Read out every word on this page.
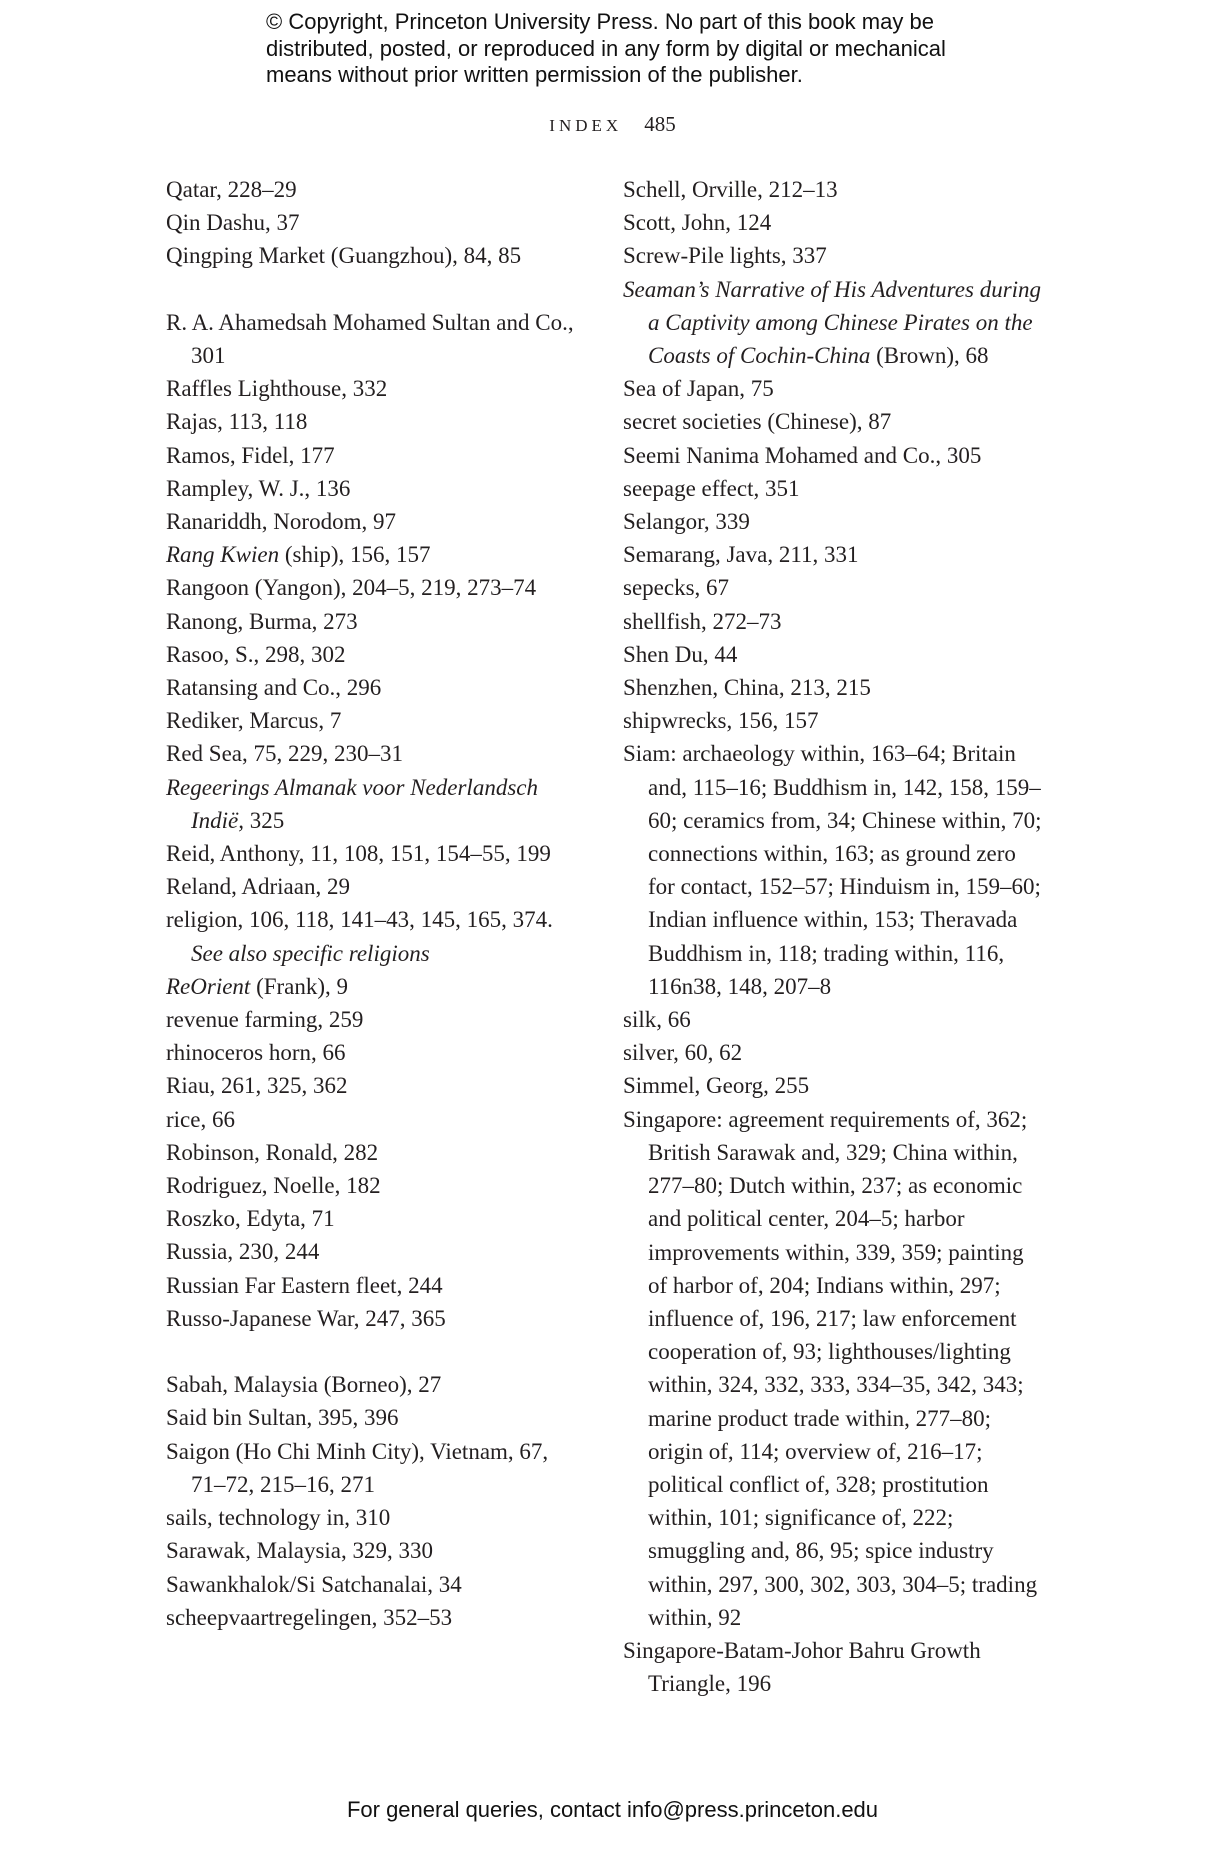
© Copyright, Princeton University Press. No part of this book may be
distributed, posted, or reproduced in any form by digital or mechanical
means without prior written permission of the publisher.
INDEX 485
Qatar, 228–29
Qin Dashu, 37
Qingping Market (Guangzhou), 84, 85
R. A. Ahamedsah Mohamed Sultan and Co., 301
Raffles Lighthouse, 332
Rajas, 113, 118
Ramos, Fidel, 177
Rampley, W. J., 136
Ranariddh, Norodom, 97
Rang Kwien (ship), 156, 157
Rangoon (Yangon), 204–5, 219, 273–74
Ranong, Burma, 273
Rasoo, S., 298, 302
Ratansing and Co., 296
Rediker, Marcus, 7
Red Sea, 75, 229, 230–31
Regeerings Almanak voor Nederlandsch Indië, 325
Reid, Anthony, 11, 108, 151, 154–55, 199
Reland, Adriaan, 29
religion, 106, 118, 141–43, 145, 165, 374. See also specific religions
ReOrient (Frank), 9
revenue farming, 259
rhinoceros horn, 66
Riau, 261, 325, 362
rice, 66
Robinson, Ronald, 282
Rodriguez, Noelle, 182
Roszko, Edyta, 71
Russia, 230, 244
Russian Far Eastern fleet, 244
Russo-Japanese War, 247, 365
Sabah, Malaysia (Borneo), 27
Said bin Sultan, 395, 396
Saigon (Ho Chi Minh City), Vietnam, 67, 71–72, 215–16, 271
sails, technology in, 310
Sarawak, Malaysia, 329, 330
Sawankhalok/Si Satchanalai, 34
scheepvaartregelingen, 352–53
Schell, Orville, 212–13
Scott, John, 124
Screw-Pile lights, 337
Seaman’s Narrative of His Adventures during a Captivity among Chinese Pirates on the Coasts of Cochin-China (Brown), 68
Sea of Japan, 75
secret societies (Chinese), 87
Seemi Nanima Mohamed and Co., 305
seepage effect, 351
Selangor, 339
Semarang, Java, 211, 331
sepecks, 67
shellfish, 272–73
Shen Du, 44
Shenzhen, China, 213, 215
shipwrecks, 156, 157
Siam: archaeology within, 163–64; Britain and, 115–16; Buddhism in, 142, 158, 159–60; ceramics from, 34; Chinese within, 70; connections within, 163; as ground zero for contact, 152–57; Hinduism in, 159–60; Indian influence within, 153; Theravada Buddhism in, 118; trading within, 116, 116n38, 148, 207–8
silk, 66
silver, 60, 62
Simmel, Georg, 255
Singapore: agreement requirements of, 362; British Sarawak and, 329; China within, 277–80; Dutch within, 237; as economic and political center, 204–5; harbor improvements within, 339, 359; painting of harbor of, 204; Indians within, 297; influence of, 196, 217; law enforcement cooperation of, 93; lighthouses/lighting within, 324, 332, 333, 334–35, 342, 343; marine product trade within, 277–80; origin of, 114; overview of, 216–17; political conflict of, 328; prostitution within, 101; significance of, 222; smuggling and, 86, 95; spice industry within, 297, 300, 302, 303, 304–5; trading within, 92
Singapore-Batam-Johor Bahru Growth Triangle, 196
For general queries, contact info@press.princeton.edu
